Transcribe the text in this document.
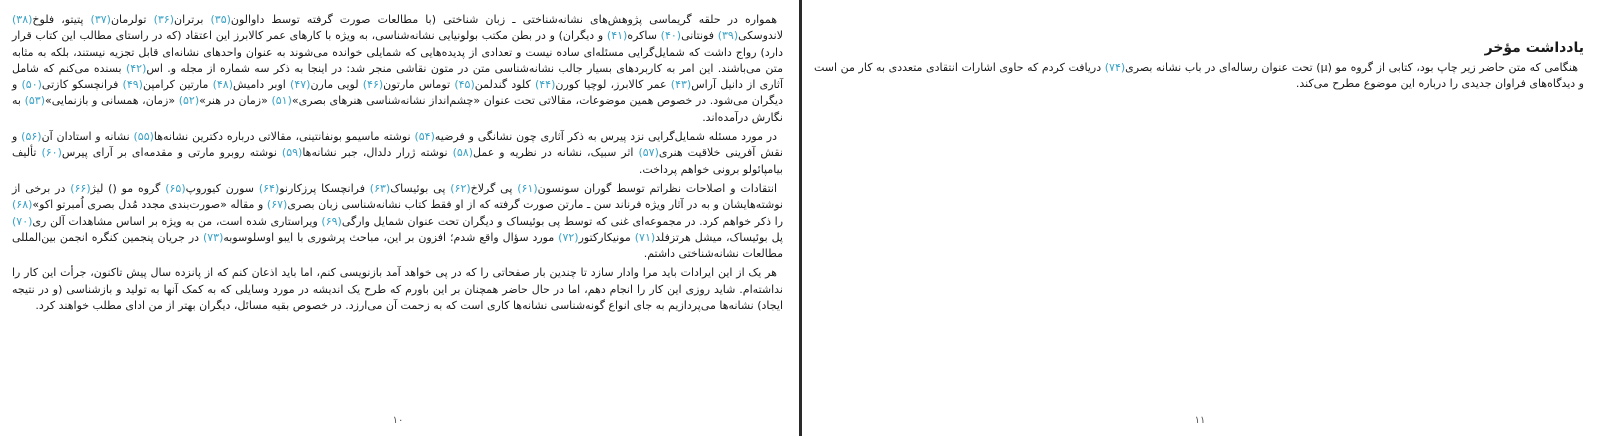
همواره در حلقه گریماسی پژوهش‌های نشانه‌شناختی ـ زبان شناختی (با مطالعات صورت گرفته توسط داوالون(۳۵) برتران(۳۶) تولرمان(۳۷) پتیتو، فلوخ(۳۸) لاندوسکی(۳۹) فونتانی(۴۰) ساکره(۴۱) و دیگران) و در بطن مکتب بولونیایی نشانه‌شناسی، به ویژه با کارهای عمر کالابرز این اعتقاد (که در راستای مطالب این کتاب قرار دارد) رواج داشت که شمایل‌گرایی مسئله‌ای ساده نیست و تعدادی از پدیده‌هایی که شمایلی خوانده می‌شوند به عنوان واحدهای نشانه‌ای قابل تجزیه نیستند، بلکه به مثابه متن می‌باشند. این امر به کاربردهای بسیار جالب نشانه‌شناسی متن در متون نقاشی منجر شد: در اینجا به ذکر سه شماره از مجله و. اس(۴۲) بسنده می‌کنم که شامل آثاری از دانیل آراس(۴۳) عمر کالابرز، لوچیا کورن(۴۴) کلود گندلمن(۴۵) توماس مارتون(۴۶) لویی مارن(۴۷) اوبر دامیش(۴۸) مارتین کرامپن(۴۹) فرانچسکو کازتی(۵۰) و دیگران می‌شود. در خصوص همین موضوعات، مقالاتی تحت عنوان «چشم‌انداز نشانه‌شناسی هنرهای بصری»(۵۱) «زمان در هنر»(۵۲) «زمان، همسانی و بازنمایی»(۵۳) به نگارش درآمده‌اند.

در مورد مسئله شمایل‌گرایی نزد پیرس به ذکر آثاری چون نشانگی و فرضیه(۵۴) نوشته ماسیمو بونفانتینی، مقالاتی درباره دکترین نشانه‌ها(۵۵) نشانه و استادان آن(۵۶) و نقش آفرینی خلاقیت هنری(۵۷) اثر سبیک، نشانه در نظریه و عمل(۵۸) نوشته ژرار دلدال، جبر نشانه‌ها(۵۹) نوشته روبرو مارتی و مقدمه‌ای بر آرای پیرس(۶۰) تألیف بیامپائولو برونی خواهم پرداخت.

انتقادات و اصلاحات نظراتم توسط گوران سونسون(۶۱) پی گرلاخ(۶۲) پی بوئیساک(۶۳) فرانچسکا پرزکارنو(۶۴) سورن کیوروپ(۶۵) گروه مو () لیژ(۶۶) در برخی از نوشته‌هایشان و به در آثار ویژه فرناند سن ـ مارتن صورت گرفته که از او فقط کتاب نشانه‌شناسی زبان بصری(۶۷) و مقاله «صورت‌بندی مجدد مُدل بصری اُمبرتو اکو»(۶۸) را ذکر خواهم کرد. در مجموعه‌ای غنی که توسط پی بوئیساک و دیگران تحت عنوان شمایل وارگی(۶۹) ویراستاری شده است، من به ویژه بر اساس مشاهدات آلن ری(۷۰) پل بوئیساک، میشل هرتزفلد(۷۱) مونیکارکتور(۷۲) مورد سؤال واقع شدم؛ افزون بر این، مباحث پرشوری با ایبو اوسلوسوبه(۷۳) در جریان پنجمین کنگره انجمن بین‌المللی مطالعات نشانه‌شناختی داشتم.

هر یک از این ایرادات باید مرا وادار سازد تا چندین بار صفحاتی را که در پی خواهد آمد بازنویسی کنم، اما باید اذعان کنم که از پانزده سال پیش تاکنون، جرأت این کار را نداشته‌ام. شاید روزی این کار را انجام دهم، اما در حال حاضر همچنان بر این باورم که طرح یک اندیشه در مورد وسایلی که به کمک آنها به تولید و بازشناسی (و در نتیجه ایجاد) نشانه‌ها می‌پردازیم به جای انواع گونه‌شناسی نشانه‌ها کاری است که به زحمت آن می‌ارزد. در خصوص بقیه مسائل، دیگران بهتر از من ادای مطلب خواهند کرد.

۱۰
یادداشت مؤخر

هنگامی که متن حاضر زیر چاپ بود، کتابی از گروه مو (µ) تحت عنوان رساله‌ای در باب نشانه بصری(۷۴) دریافت کردم که حاوی اشارات انتقادی متعددی به کار من است و دیدگاه‌های فراوان جدیدی را درباره این موضوع مطرح می‌کند.

۱۱
